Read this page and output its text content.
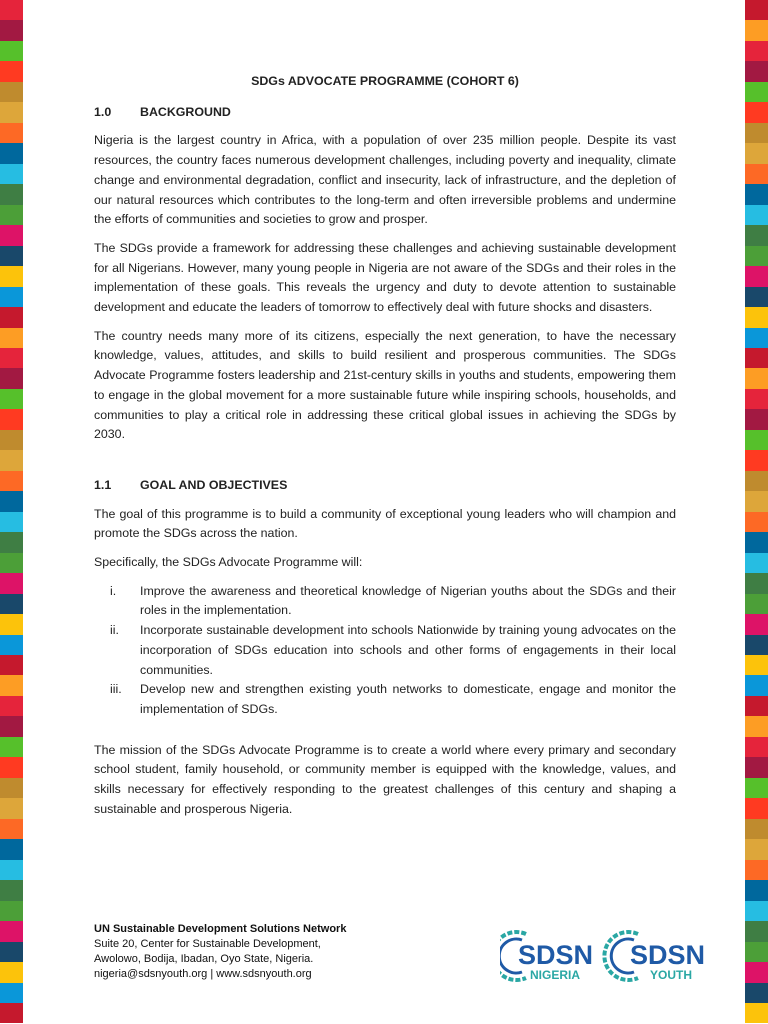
SDGs ADVOCATE PROGRAMME (COHORT 6)
1.0	BACKGROUND

Nigeria is the largest country in Africa, with a population of over 235 million people. Despite its vast resources, the country faces numerous development challenges, including poverty and inequality, climate change and environmental degradation, conflict and insecurity, lack of infrastructure, and the depletion of our natural resources which contributes to the long-term and often irreversible problems and undermine the efforts of communities and societies to grow and prosper.

The SDGs provide a framework for addressing these challenges and achieving sustainable development for all Nigerians. However, many young people in Nigeria are not aware of the SDGs and their roles in the implementation of these goals. This reveals the urgency and duty to devote attention to sustainable development and educate the leaders of tomorrow to effectively deal with future shocks and disasters.

The country needs many more of its citizens, especially the next generation, to have the necessary knowledge, values, attitudes, and skills to build resilient and prosperous communities. The SDGs Advocate Programme fosters leadership and 21st-century skills in youths and students, empowering them to engage in the global movement for a more sustainable future while inspiring schools, households, and communities to play a critical role in addressing these critical global issues in achieving the SDGs by 2030.

1.1	GOAL AND OBJECTIVES

The goal of this programme is to build a community of exceptional young leaders who will champion and promote the SDGs across the nation.

Specifically, the SDGs Advocate Programme will:

i.	Improve the awareness and theoretical knowledge of Nigerian youths about the SDGs and their roles in the implementation.
ii.	Incorporate sustainable development into schools Nationwide by training young advocates on the incorporation of SDGs education into schools and other forms of engagements in their local communities.
iii.	Develop new and strengthen existing youth networks to domesticate, engage and monitor the implementation of SDGs.

The mission of the SDGs Advocate Programme is to create a world where every primary and secondary school student, family household, or community member is equipped with the knowledge, values, and skills necessary for effectively responding to the greatest challenges of this century and shaping a sustainable and prosperous Nigeria.

UN Sustainable Development Solutions Network
Suite 20, Center for Sustainable Development,
Awolowo, Bodija, Ibadan, Oyo State, Nigeria.
nigeria@sdsnyouth.org | www.sdsnyouth.org
SDSN
NIGERIA
SDSN
YOUTH
